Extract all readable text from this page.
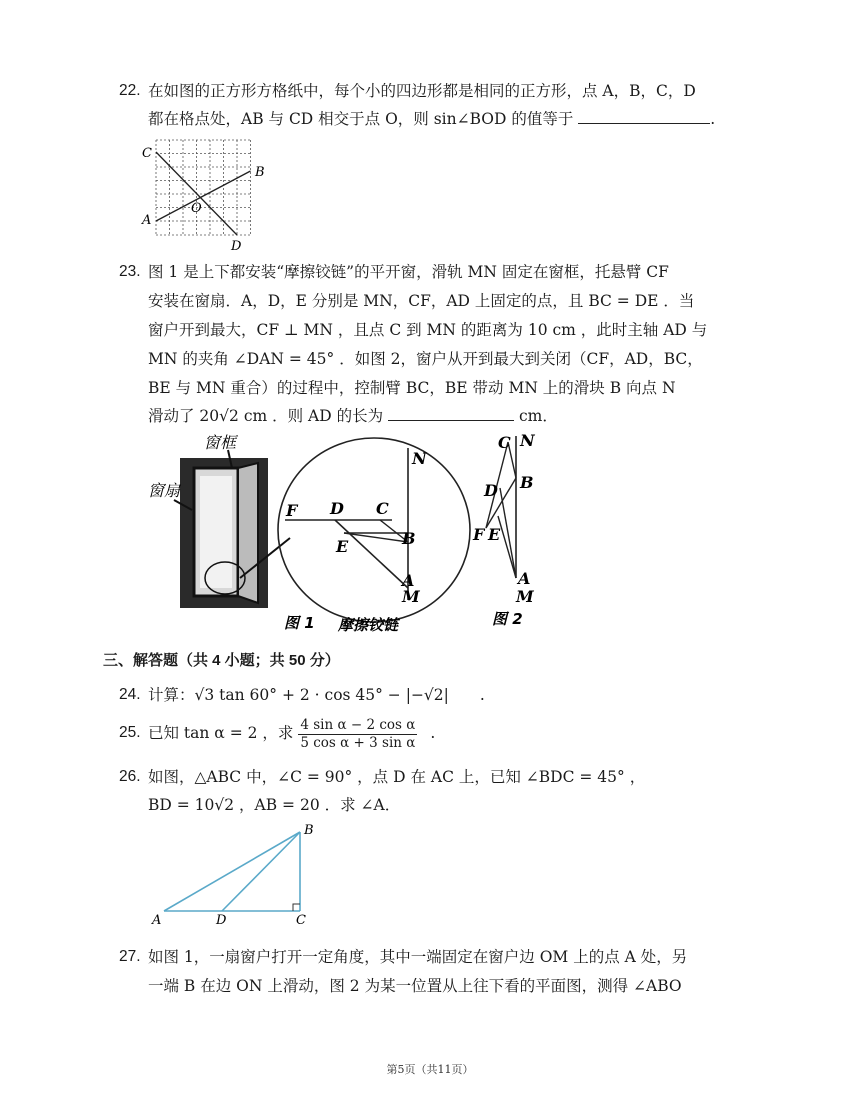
22. 在如图的正方形方格纸中，每个小的四边形都是相同的正方形，点 A，B，C，D
都在格点处，AB 与 CD 相交于点 O，则 sin∠BOD 的值等于	.
C
B
A
O
D
23. 图 1 是上下都安装“摩擦铰链”的平开窗，滑轨 MN 固定在窗框，托悬臂 CF
安装在窗扇．A，D，E 分别是 MN，CF，AD 上固定的点，且 BC = DE ．当
窗户开到最大，CF ⊥ MN ，且点 C 到 MN 的距离为 10 cm ，此时主轴 AD 与
MN 的夹角 ∠DAN = 45° ．如图 2，窗户从开到最大到关闭（CF，AD，BC，
BE 与 MN 重合）的过程中，控制臂 BC，BE 带动 MN 上的滑块 B 向点 N
滑动了 20√2 cm ．则 AD 的长为	cm．
窗框
窗扇
N
D C
F
E	B
A
M
图 1 摩擦铰链
C N
B
D
F E
A
M
图 2
三、解答题（共 4 小题；共 50 分）
24. 计算：√3 tan 60° + 2 · cos 45° − |−√2| .
25. 已知 tan α = 2 ，求 $\frac{\text{4 sin α − 2 cos α}}{\text{5 cos α + 3 sin α}}$ .
26. 如图，△ABC 中，∠C = 90° ，点 D 在 AC 上，已知 ∠BDC = 45° ，
BD = 10√2 ，AB = 20 ．求 ∠A．
A	D	C
B
27. 如图 1，一扇窗户打开一定角度，其中一端固定在窗户边 OM 上的点 A 处，另
一端 B 在边 ON 上滑动，图 2 为某一位置从上往下看的平面图，测得 ∠ABO
第5页（共11页）
